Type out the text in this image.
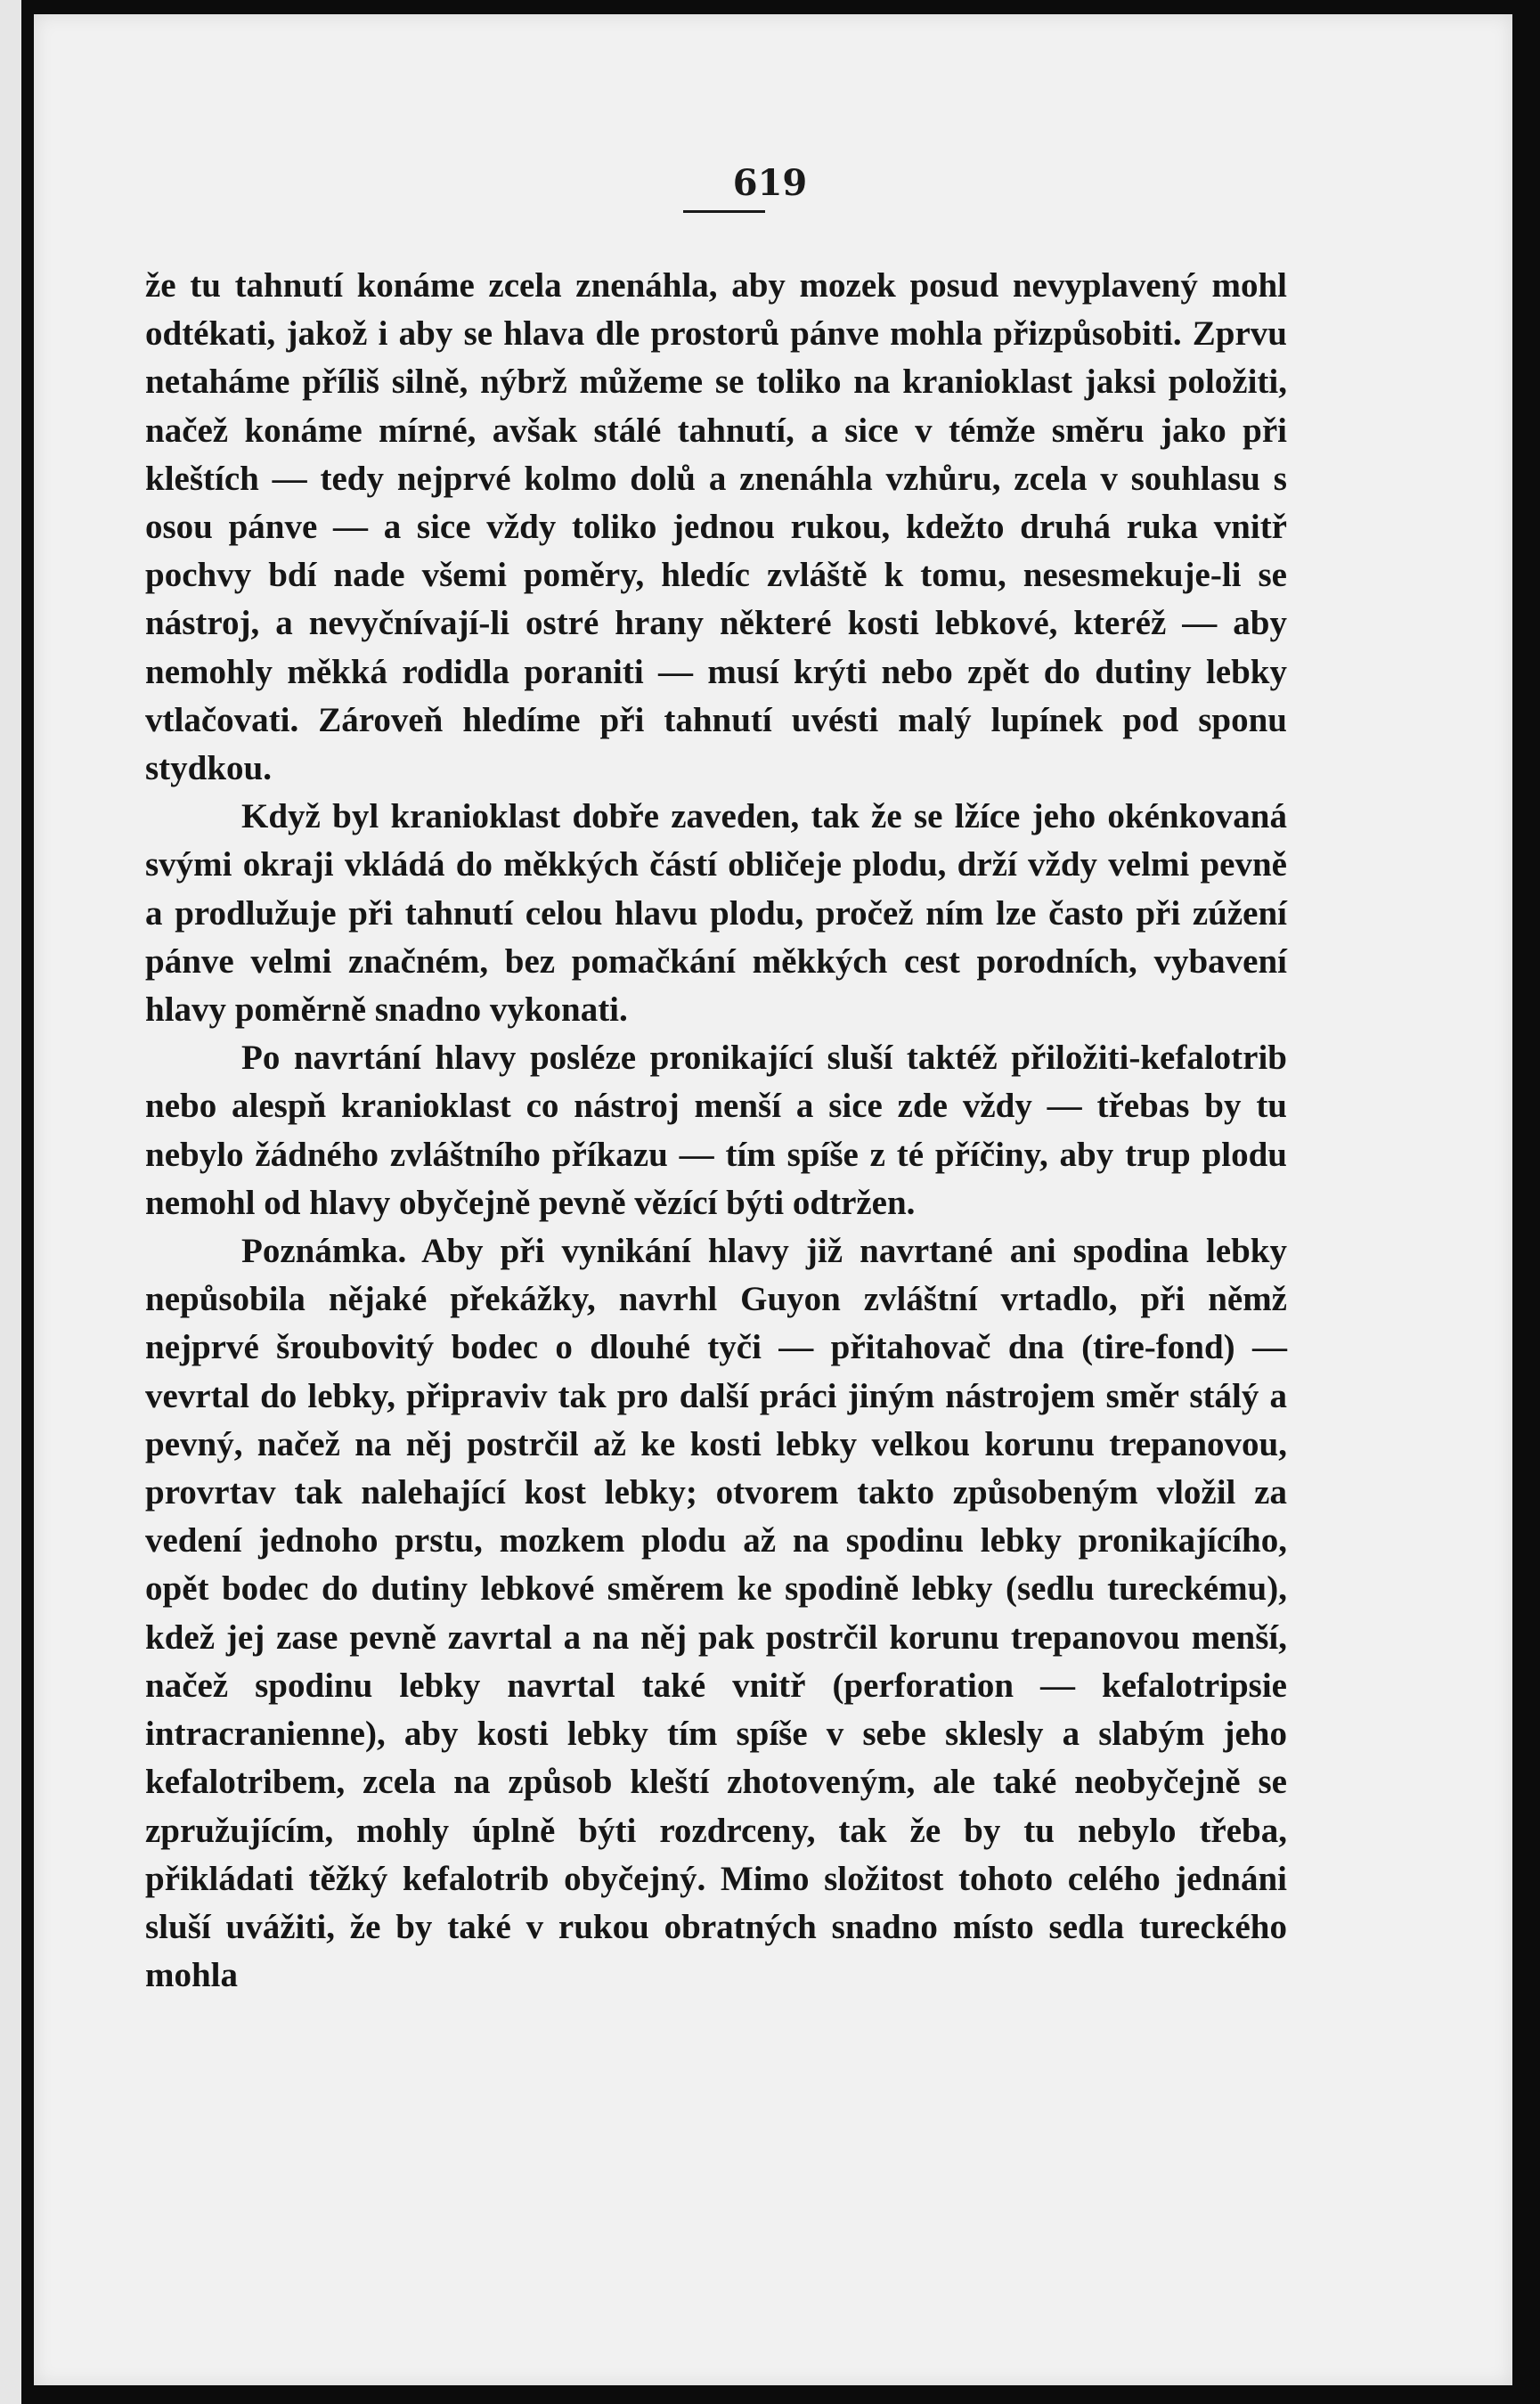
619

že tu tahnutí konáme zcela znenáhla, aby mozek posud nevyplavený mohl odtékati, jakož i aby se hlava dle prostorů pánve mohla přizpůsobiti. Zprvu netaháme příliš silně, nýbrž můžeme se toliko na kranioklast jaksi položiti, načež konáme mírné, avšak stálé tahnutí, a sice v témže směru jako při kleštích — tedy nejprvé kolmo dolů a znenáhla vzhůru, zcela v souhlasu s osou pánve — a sice vždy toliko jednou rukou, kdežto druhá ruka vnitř pochvy bdí nade všemi poměry, hledíc zvláště k tomu, nesesmekuje-li se nástroj, a nevyčnívají-li ostré hrany některé kosti lebkové, kteréž — aby nemohly měkká rodidla poraniti — musí krýti nebo zpět do dutiny lebky vtlačovati. Zároveň hledíme při tahnutí uvésti malý lupínek pod sponu stydkou.

Když byl kranioklast dobře zaveden, tak že se lžíce jeho okénkovaná svými okraji vkládá do měkkých částí obličeje plodu, drží vždy velmi pevně a prodlužuje při tahnutí celou hlavu plodu, pročež ním lze často při zúžení pánve velmi značném, bez pomačkání měkkých cest porodních, vybavení hlavy poměrně snadno vykonati.

Po navrtání hlavy posléze pronikající sluší taktéž přiložiti-kefalotrib nebo alespň kranioklast co nástroj menší a sice zde vždy — třebas by tu nebylo žádného zvláštního příkazu — tím spíše z té příčiny, aby trup plodu nemohl od hlavy obyčejně pevně vězící býti odtržen.

Poznámka. Aby při vynikání hlavy již navrtané ani spodina lebky nepůsobila nějaké překážky, navrhl Guyon zvláštní vrtadlo, při němž nejprvé šroubovitý bodec o dlouhé tyči — přitahovač dna (tire-fond) — vevrtal do lebky, připraviv tak pro další práci jiným nástrojem směr stálý a pevný, načež na něj postrčil až ke kosti lebky velkou korunu trepanovou, provrtav tak nalehající kost lebky; otvorem takto způsobeným vložil za vedení jednoho prstu, mozkem plodu až na spodinu lebky pronikajícího, opět bodec do dutiny lebkové směrem ke spodině lebky (sedlu tureckému), kdež jej zase pevně zavrtal a na něj pak postrčil korunu trepanovou menší, načež spodinu lebky navrtal také vnitř (perforation — kefalotripsie intracranienne), aby kosti lebky tím spíše v sebe sklesly a slabým jeho kefalotribem, zcela na způsob kleští zhotoveným, ale také neobyčejně se zpružujícím, mohly úplně býti rozdrceny, tak že by tu nebylo třeba, přikládati těžký kefalotrib obyčejný. Mimo složitost tohoto celého jednáni sluší uvážiti, že by také v rukou obratných snadno místo sedla tureckého mohla
